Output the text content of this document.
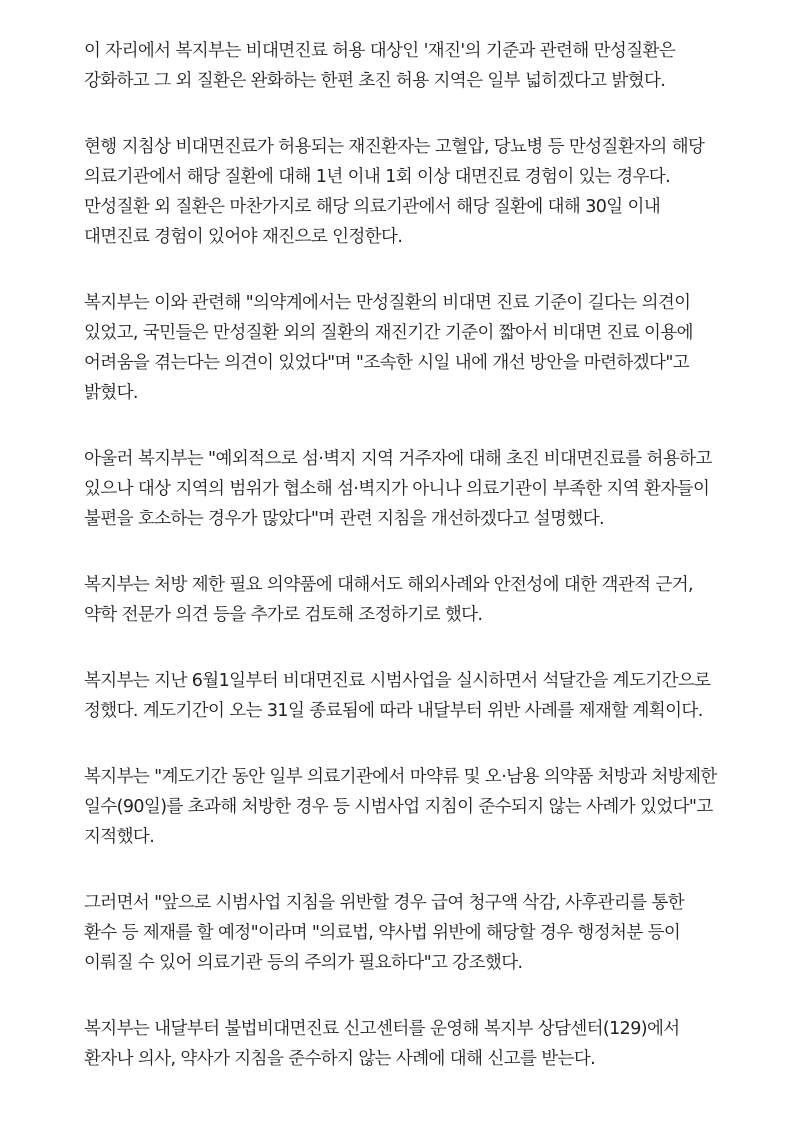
이 자리에서 복지부는 비대면진료 허용 대상인 '재진'의 기준과 관련해 만성질환은 강화하고 그 외 질환은 완화하는 한편 초진 허용 지역은 일부 넓히겠다고 밝혔다.

현행 지침상 비대면진료가 허용되는 재진환자는 고혈압, 당뇨병 등 만성질환자의 해당 의료기관에서 해당 질환에 대해 1년 이내 1회 이상 대면진료 경험이 있는 경우다. 만성질환 외 질환은 마찬가지로 해당 의료기관에서 해당 질환에 대해 30일 이내 대면진료 경험이 있어야 재진으로 인정한다.

복지부는 이와 관련해 "의약계에서는 만성질환의 비대면 진료 기준이 길다는 의견이 있었고, 국민들은 만성질환 외의 질환의 재진기간 기준이 짧아서 비대면 진료 이용에 어려움을 겪는다는 의견이 있었다"며 "조속한 시일 내에 개선 방안을 마련하겠다"고 밝혔다.

아울러 복지부는 "예외적으로 섬·벽지 지역 거주자에 대해 초진 비대면진료를 허용하고 있으나 대상 지역의 범위가 협소해 섬·벽지가 아니나 의료기관이 부족한 지역 환자들이 불편을 호소하는 경우가 많았다"며 관련 지침을 개선하겠다고 설명했다.

복지부는 처방 제한 필요 의약품에 대해서도 해외사례와 안전성에 대한 객관적 근거, 약학 전문가 의견 등을 추가로 검토해 조정하기로 했다.

복지부는 지난 6월1일부터 비대면진료 시범사업을 실시하면서 석달간을 계도기간으로 정했다. 계도기간이 오는 31일 종료됨에 따라 내달부터 위반 사례를 제재할 계획이다.

복지부는 "계도기간 동안 일부 의료기관에서 마약류 및 오·남용 의약품 처방과 처방제한 일수(90일)를 초과해 처방한 경우 등 시범사업 지침이 준수되지 않는 사례가 있었다"고 지적했다.

그러면서 "앞으로 시범사업 지침을 위반할 경우 급여 청구액 삭감, 사후관리를 통한 환수 등 제재를 할 예정"이라며 "의료법, 약사법 위반에 해당할 경우 행정처분 등이 이뤄질 수 있어 의료기관 등의 주의가 필요하다"고 강조했다.

복지부는 내달부터 불법비대면진료 신고센터를 운영해 복지부 상담센터(129)에서 환자나 의사, 약사가 지침을 준수하지 않는 사례에 대해 신고를 받는다.
